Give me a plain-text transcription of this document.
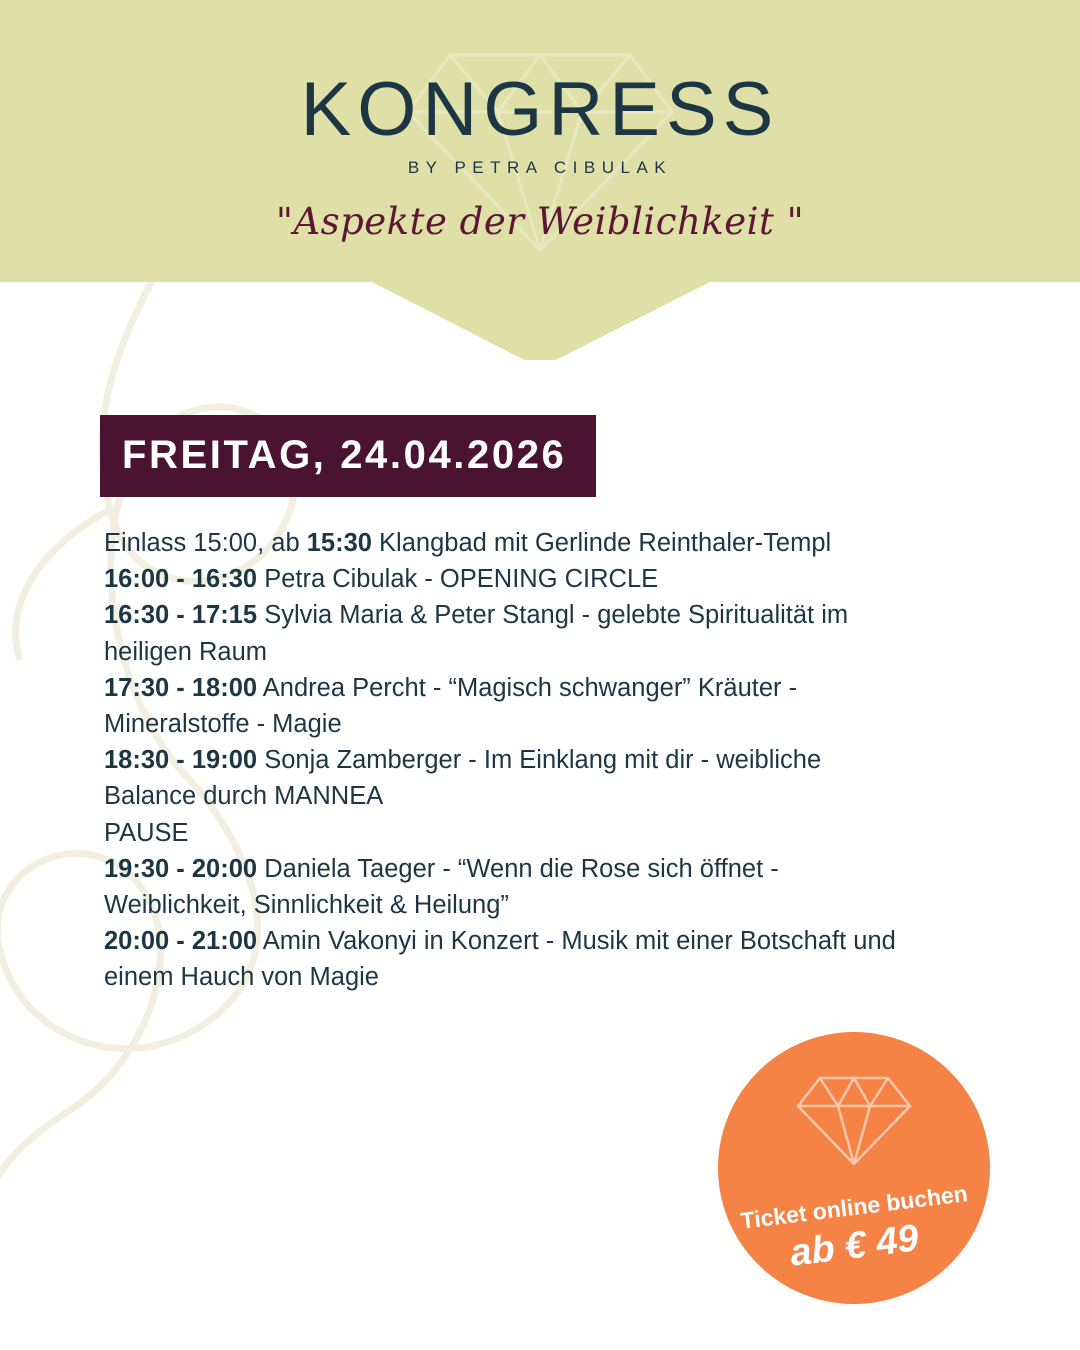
KONGRESS
BY PETRA CIBULAK
"Aspekte der Weiblichkeit "
FREITAG, 24.04.2026

Einlass 15:00, ab 15:30 Klangbad mit Gerlinde Reinthaler-Templ

16:00 - 16:30 Petra Cibulak - OPENING CIRCLE

16:30 - 17:15 Sylvia Maria & Peter Stangl - gelebte Spiritualität im heiligen Raum

17:30 - 18:00 Andrea Percht - “Magisch schwanger” Kräuter - Mineralstoffe - Magie

18:30 - 19:00 Sonja Zamberger - Im Einklang mit dir - weibliche Balance durch MANNEA

PAUSE

19:30 - 20:00 Daniela Taeger - “Wenn die Rose sich öffnet - Weiblichkeit, Sinnlichkeit & Heilung”

20:00 - 21:00 Amin Vakonyi in Konzert - Musik mit einer Botschaft und einem Hauch von Magie

Ticket online buchen
ab € 49
